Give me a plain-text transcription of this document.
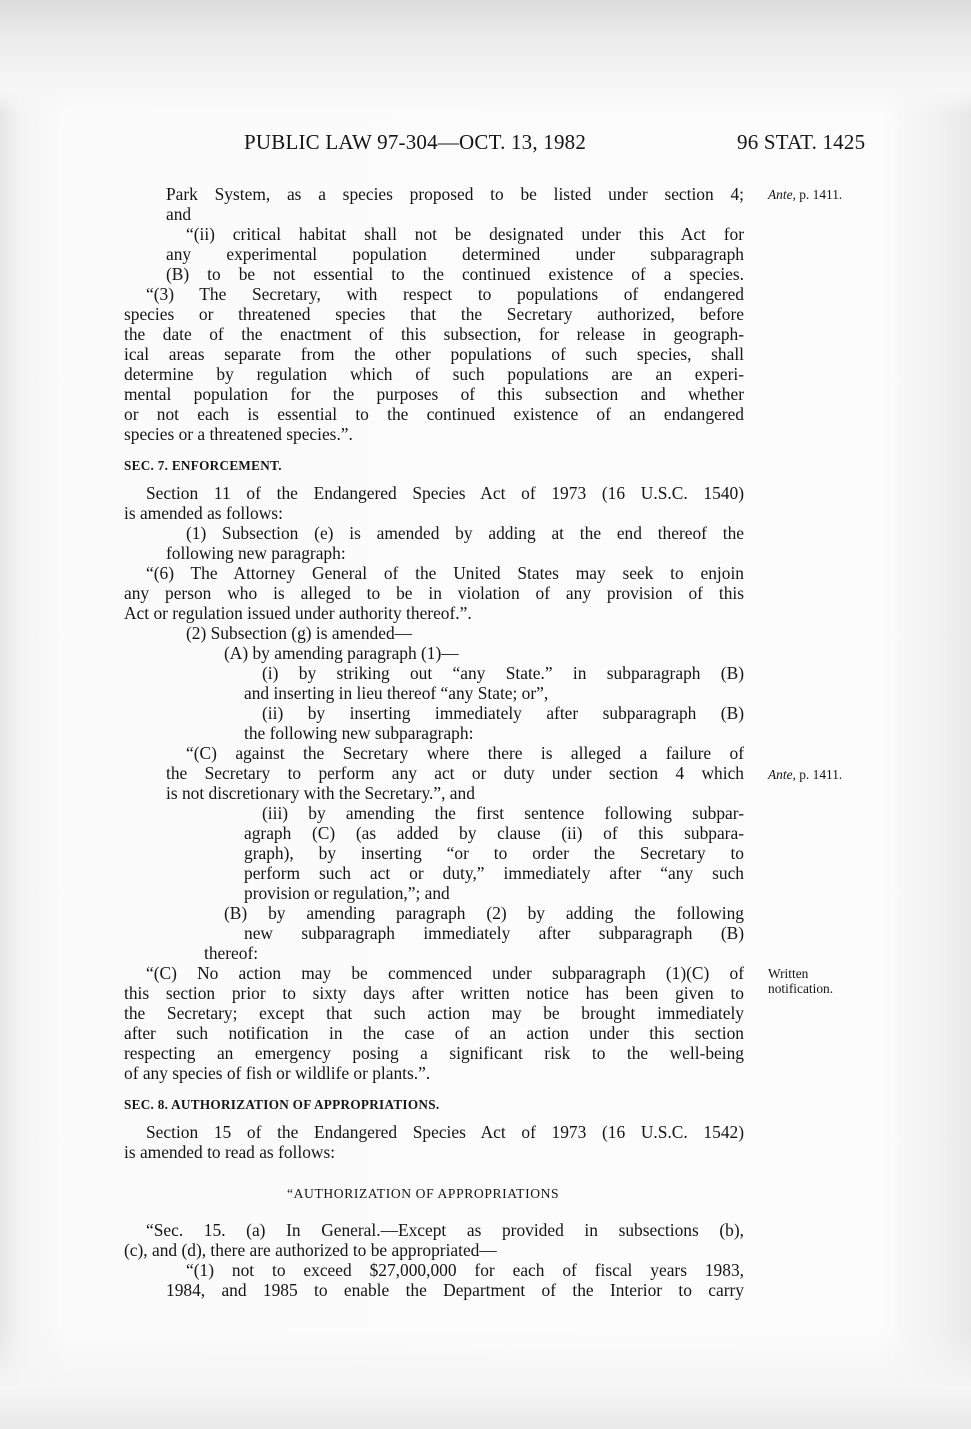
PUBLIC LAW 97-304—OCT. 13, 1982	96 STAT. 1425
Ante, p. 1411.
Ante, p. 1411.
Written
notification.
Park System, as a species proposed to be listed under section 4;
and
“(ii) critical habitat shall not be designated under this Act for
any experimental population determined under subparagraph
(B) to be not essential to the continued existence of a species.
“(3) The Secretary, with respect to populations of endangered
species or threatened species that the Secretary authorized, before
the date of the enactment of this subsection, for release in geograph-
ical areas separate from the other populations of such species, shall
determine by regulation which of such populations are an experi-
mental population for the purposes of this subsection and whether
or not each is essential to the continued existence of an endangered
species or a threatened species.”.
SEC. 7. ENFORCEMENT.
Section 11 of the Endangered Species Act of 1973 (16 U.S.C. 1540)
is amended as follows:
(1) Subsection (e) is amended by adding at the end thereof the
following new paragraph:
“(6) The Attorney General of the United States may seek to enjoin
any person who is alleged to be in violation of any provision of this
Act or regulation issued under authority thereof.”.
(2) Subsection (g) is amended—
(A) by amending paragraph (1)—
(i) by striking out “any State.” in subparagraph (B)
and inserting in lieu thereof “any State; or”,
(ii) by inserting immediately after subparagraph (B)
the following new subparagraph:
“(C) against the Secretary where there is alleged a failure of
the Secretary to perform any act or duty under section 4 which
is not discretionary with the Secretary.”, and
(iii) by amending the first sentence following subpar-
agraph (C) (as added by clause (ii) of this subpara-
graph), by inserting “or to order the Secretary to
perform such act or duty,” immediately after “any such
provision or regulation,”; and
(B) by amending paragraph (2) by adding the following
new subparagraph immediately after subparagraph (B)
thereof:
“(C) No action may be commenced under subparagraph (1)(C) of
this section prior to sixty days after written notice has been given to
the Secretary; except that such action may be brought immediately
after such notification in the case of an action under this section
respecting an emergency posing a significant risk to the well-being
of any species of fish or wildlife or plants.”.
SEC. 8. AUTHORIZATION OF APPROPRIATIONS.
Section 15 of the Endangered Species Act of 1973 (16 U.S.C. 1542)
is amended to read as follows:
“AUTHORIZATION OF APPROPRIATIONS
“Sec. 15. (a) In General.—Except as provided in subsections (b),
(c), and (d), there are authorized to be appropriated—
“(1) not to exceed $27,000,000 for each of fiscal years 1983,
1984, and 1985 to enable the Department of the Interior to carry
